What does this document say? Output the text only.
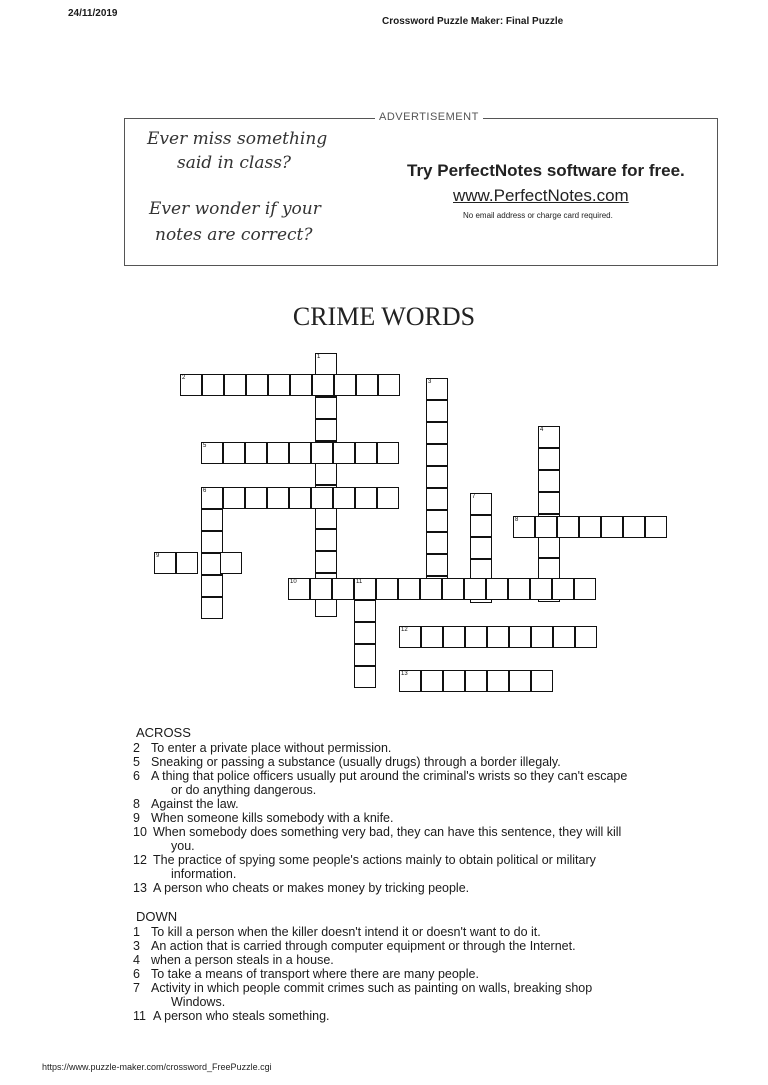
24/11/2019
Crossword Puzzle Maker: Final Puzzle
ADVERTISEMENT
Ever miss something
said in class?
Ever wonder if your
notes are correct?
Try PerfectNotes software for free.
www.PerfectNotes.com
No email address or charge card required.
CRIME WORDS
1
2
3
4
5
6
7
8
9
10	11
12
13
ACROSS
2 To enter a private place without permission.
5 Sneaking or passing a substance (usually drugs) through a border illegaly.
6 A thing that police officers usually put around the criminal's wrists so they can't escape
or do anything dangerous.
8 Against the law.
9 When someone kills somebody with a knife.
10 When somebody does something very bad, they can have this sentence, they will kill
you.
12 The practice of spying some people's actions mainly to obtain political or military
information.
13 A person who cheats or makes money by tricking people.
DOWN
1 To kill a person when the killer doesn't intend it or doesn't want to do it.
3 An action that is carried through computer equipment or through the Internet.
4 when a person steals in a house.
6 To take a means of transport where there are many people.
7 Activity in which people commit crimes such as painting on walls, breaking shop
Windows.
11 A person who steals something.
https://www.puzzle-maker.com/crossword_FreePuzzle.cgi
